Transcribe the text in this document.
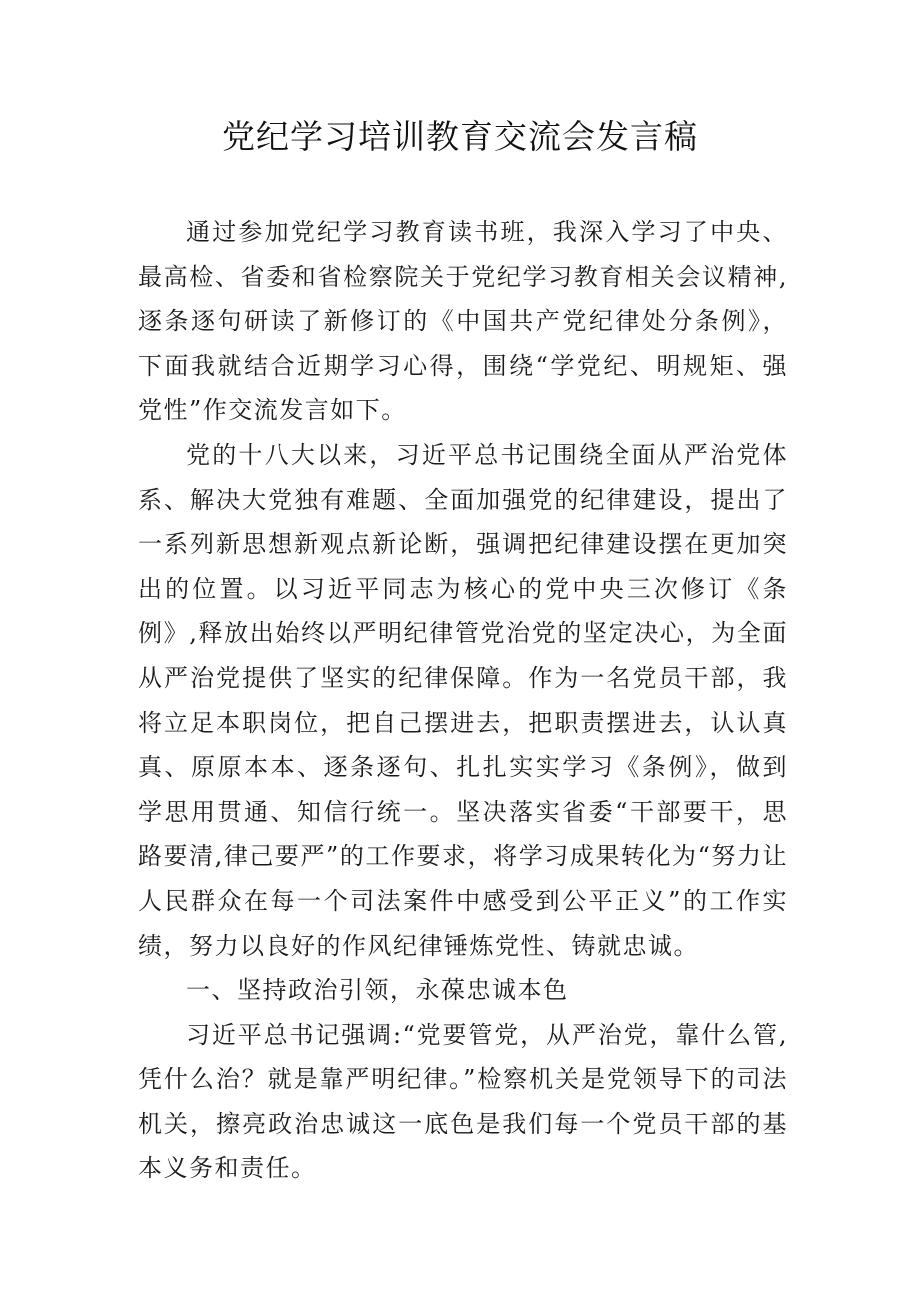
党纪学习培训教育交流会发言稿

通过参加党纪学习教育读书班，我深入学习了中央、最高检、省委和省检察院关于党纪学习教育相关会议精神,逐条逐句研读了新修订的《中国共产党纪律处分条例》，下面我就结合近期学习心得，围绕“学党纪、明规矩、强党性”作交流发言如下。

党的十八大以来，习近平总书记围绕全面从严治党体系、解决大党独有难题、全面加强党的纪律建设，提出了一系列新思想新观点新论断，强调把纪律建设摆在更加突出的位置。以习近平同志为核心的党中央三次修订《条例》,释放出始终以严明纪律管党治党的坚定决心，为全面从严治党提供了坚实的纪律保障。作为一名党员干部，我将立足本职岗位，把自己摆进去，把职责摆进去，认认真真、原原本本、逐条逐句、扎扎实实学习《条例》，做到学思用贯通、知信行统一。坚决落实省委“干部要干，思路要清,律己要严”的工作要求，将学习成果转化为“努力让人民群众在每一个司法案件中感受到公平正义”的工作实绩，努力以良好的作风纪律锤炼党性、铸就忠诚。

一、坚持政治引领，永葆忠诚本色

习近平总书记强调:“党要管党，从严治党，靠什么管,凭什么治？就是靠严明纪律。”检察机关是党领导下的司法机关，擦亮政治忠诚这一底色是我们每一个党员干部的基本义务和责任。
